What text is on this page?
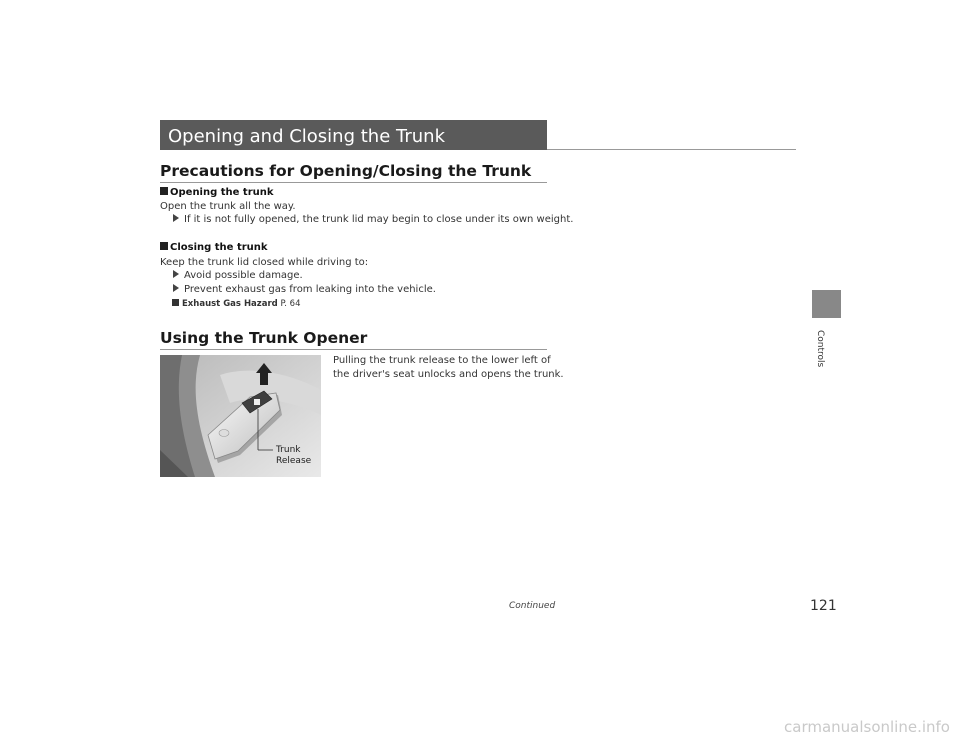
Opening and Closing the Trunk
Precautions for Opening/Closing the Trunk
Opening the trunk
Open the trunk all the way.
If it is not fully opened, the trunk lid may begin to close under its own weight.
Closing the trunk
Keep the trunk lid closed while driving to:
Avoid possible damage.
Prevent exhaust gas from leaking into the vehicle.
Exhaust Gas Hazard P. 64
Using the Trunk Opener
Pulling the trunk release to the lower left of
the driver's seat unlocks and opens the trunk.
Trunk
Release
Controls
Continued	121
carmanualsonline.info
